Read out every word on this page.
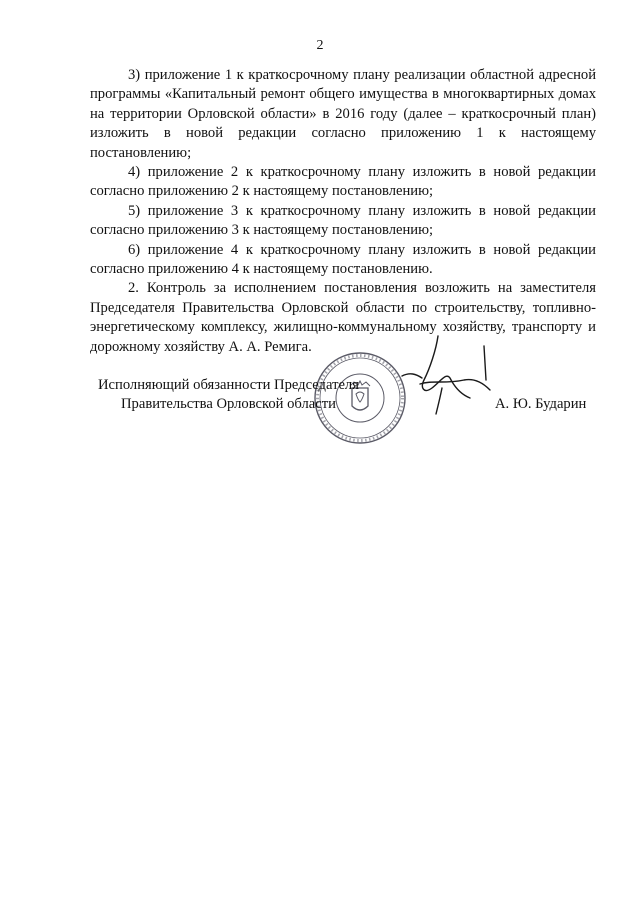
2

3) приложение 1 к краткосрочному плану реализации областной адресной программы «Капитальный ремонт общего имущества в многоквартирных домах на территории Орловской области» в 2016 году (далее – краткосрочный план) изложить в новой редакции согласно приложению 1 к настоящему постановлению;

4) приложение 2 к краткосрочному плану изложить в новой редакции согласно приложению 2 к настоящему постановлению;

5) приложение 3 к краткосрочному плану изложить в новой редакции согласно приложению 3 к настоящему постановлению;

6) приложение 4 к краткосрочному плану изложить в новой редакции согласно приложению 4 к настоящему постановлению.

2. Контроль за исполнением постановления возложить на заместителя Председателя Правительства Орловской области по строительству, топливно-энергетическому комплексу, жилищно-коммунальному хозяйству, транспорту и дорожному хозяйству А. А. Ремига.

Исполняющий обязанности Председателя
Правительства Орловской области	А. Ю. Бударин
